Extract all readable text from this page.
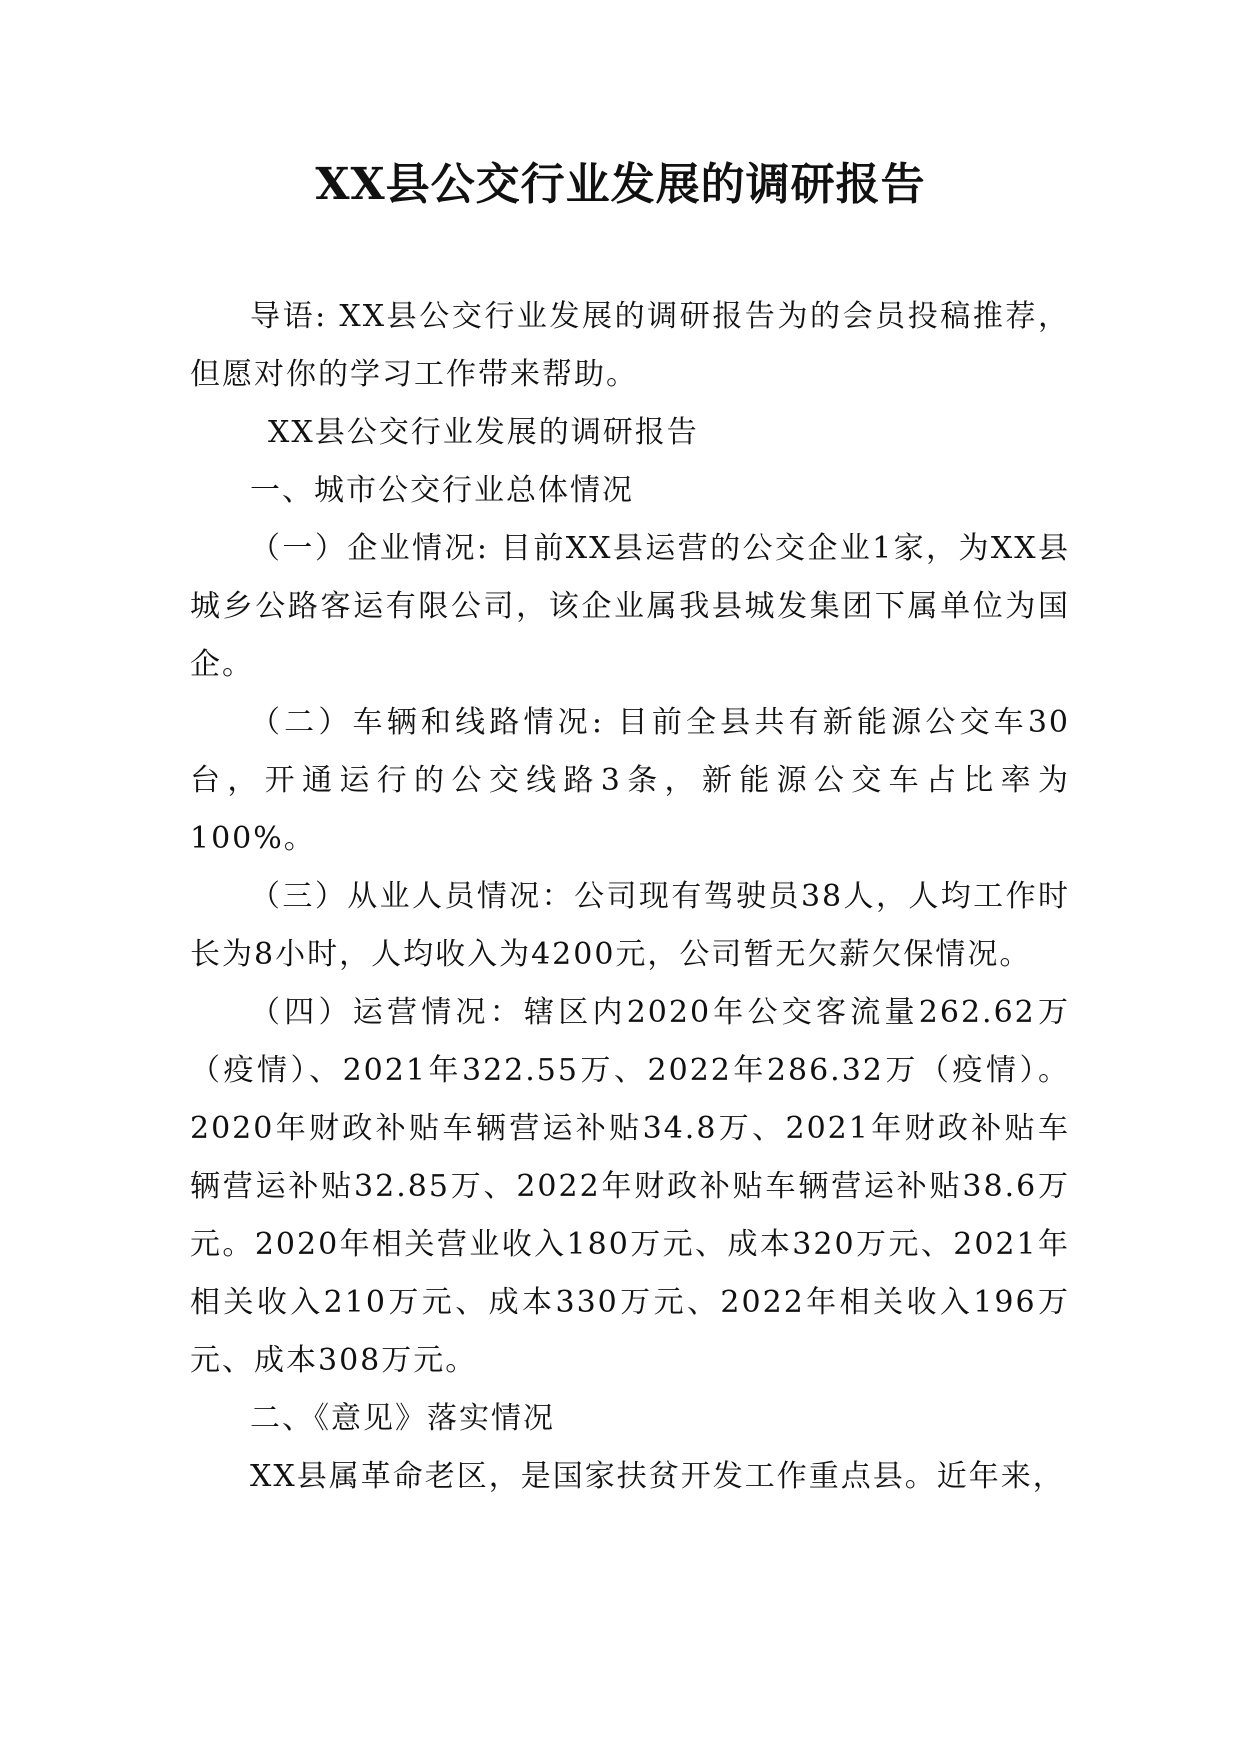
XX县公交行业发展的调研报告

导语: XX县公交行业发展的调研报告为的会员投稿推荐，但愿对你的学习工作带来帮助。

XX县公交行业发展的调研报告

一、城市公交行业总体情况

（一）企业情况: 目前XX县运营的公交企业1家，为XX县城乡公路客运有限公司，该企业属我县城发集团下属单位为国企。

（二）车辆和线路情况: 目前全县共有新能源公交车30台，开通运行的公交线路3条，新能源公交车占比率为100%。

（三）从业人员情况：公司现有驾驶员38人，人均工作时长为8小时，人均收入为4200元，公司暂无欠薪欠保情况。

（四）运营情况：辖区内2020年公交客流量262.62万（疫情）、2021年322.55万、2022年286.32万（疫情）。2020年财政补贴车辆营运补贴34.8万、2021年财政补贴车辆营运补贴32.85万、2022年财政补贴车辆营运补贴38.6万元。2020年相关营业收入180万元、成本320万元、2021年相关收入210万元、成本330万元、2022年相关收入196万元、成本308万元。

二、《意见》落实情况

XX县属革命老区，是国家扶贫开发工作重点县。近年来，
